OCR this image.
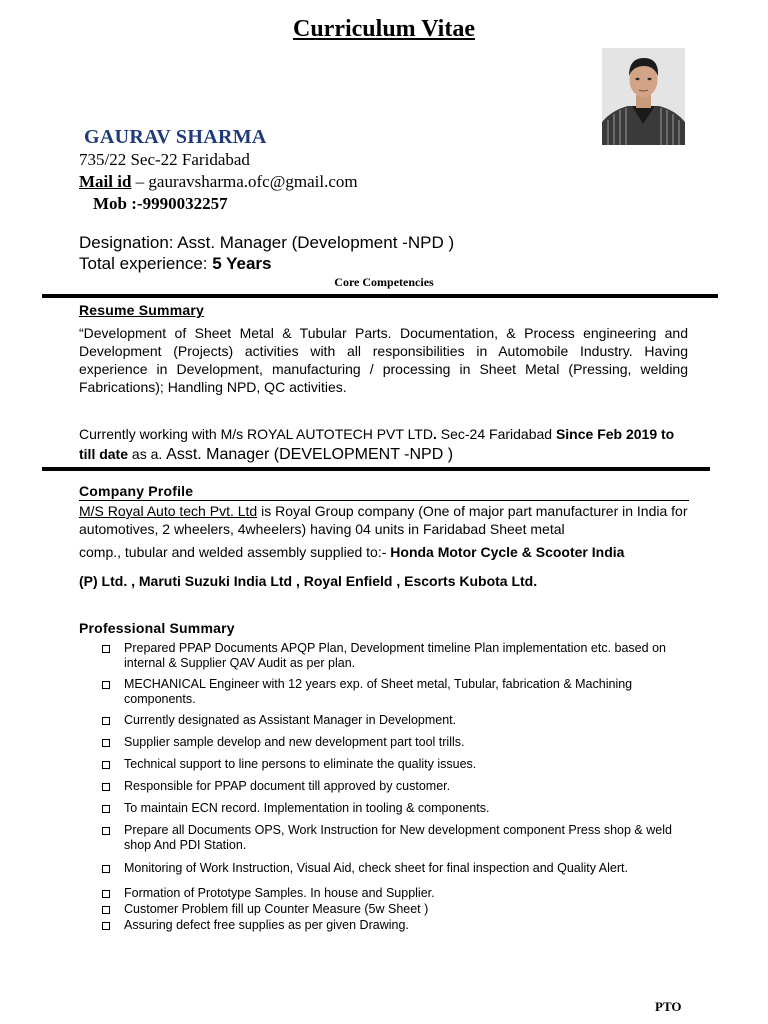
Curriculum Vitae
GAURAV SHARMA
735/22 Sec-22 Faridabad
Mail id – gauravsharma.ofc@gmail.com
Mob :-9990032257
Designation: Asst. Manager (Development -NPD )
Total experience: 5 Years
Core Competencies
Resume Summary
“Development of Sheet Metal & Tubular Parts. Documentation, & Process engineering and Development (Projects) activities with all responsibilities in Automobile Industry. Having experience in Development, manufacturing / processing in Sheet Metal (Pressing, welding Fabrications); Handling NPD, QC activities.
Currently working with M/s ROYAL AUTOTECH PVT LTD. Sec-24 Faridabad Since Feb 2019 to till date as a. Asst. Manager (DEVELOPMENT -NPD )
Company Profile
M/S Royal Auto tech Pvt. Ltd is Royal Group company (One of major part manufacturer in India for automotives, 2 wheelers, 4wheelers) having 04 units in Faridabad Sheet metal
comp., tubular and welded assembly supplied to:- Honda Motor Cycle & Scooter India
(P) Ltd. , Maruti Suzuki India Ltd , Royal Enfield , Escorts Kubota Ltd.
Professional Summary
Prepared PPAP Documents APQP Plan, Development timeline Plan implementation etc. based on internal & Supplier QAV Audit as per plan.
MECHANICAL Engineer with 12 years exp. of Sheet metal, Tubular, fabrication & Machining components.
Currently designated as Assistant Manager in Development.
Supplier sample develop and new development part tool trills.
Technical support to line persons to eliminate the quality issues.
Responsible for PPAP document till approved by customer.
To maintain ECN record. Implementation in tooling & components.
Prepare all Documents OPS, Work Instruction for New development component Press shop & weld shop And PDI Station.
Monitoring of Work Instruction, Visual Aid, check sheet for final inspection and Quality Alert.
Formation of Prototype Samples. In house and Supplier.
Customer Problem fill up Counter Measure (5w Sheet )
Assuring defect free supplies as per given Drawing.
PTO
